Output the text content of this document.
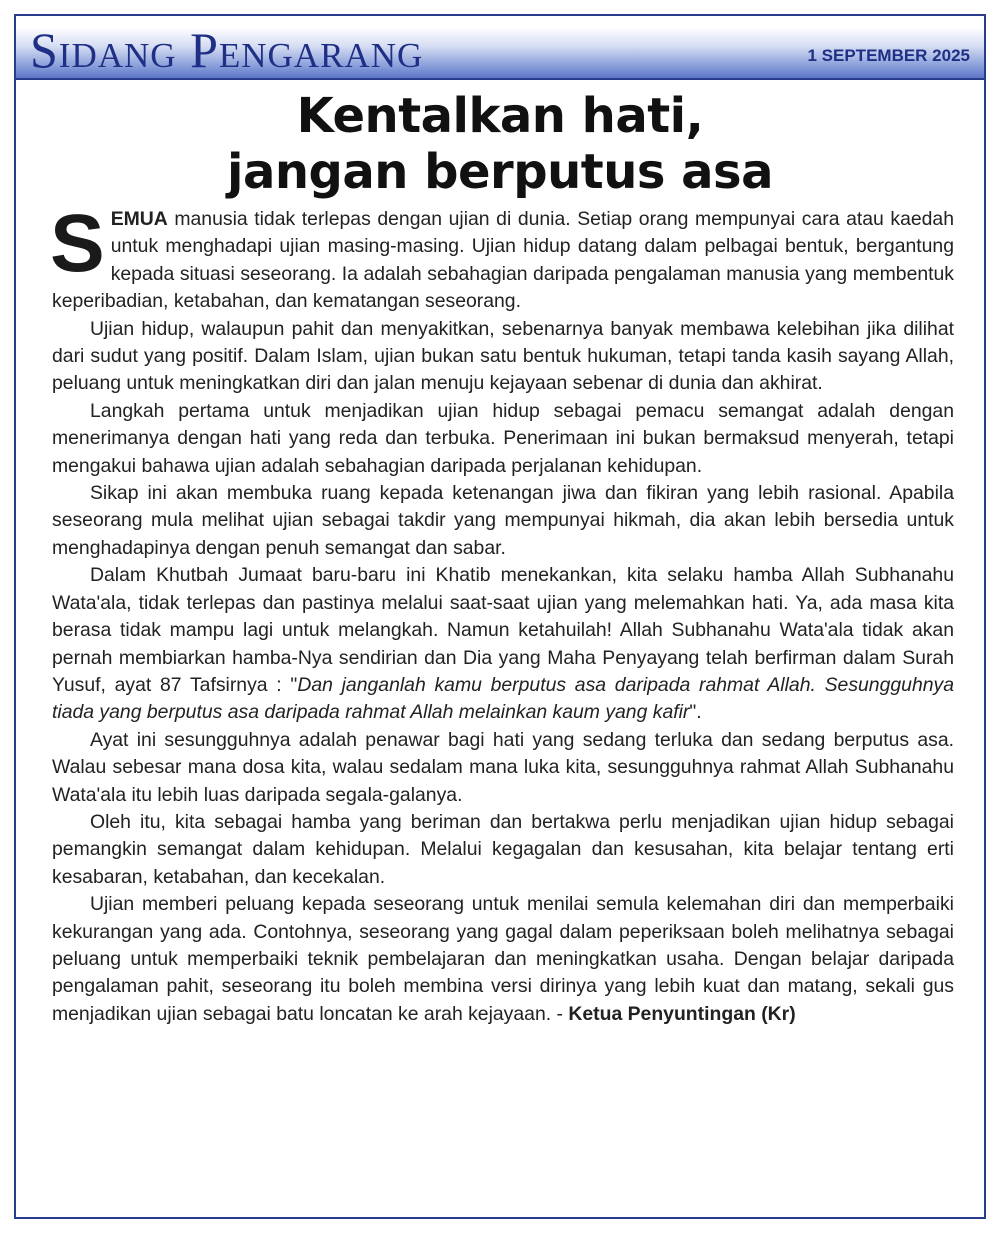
Sidang Pengarang	1 SEPTEMBER 2025
Kentalkan hati,
jangan berputus asa

SEMUA manusia tidak terlepas dengan ujian di dunia. Setiap orang mempunyai cara atau kaedah untuk menghadapi ujian masing-masing. Ujian hidup datang dalam pelbagai bentuk, bergantung kepada situasi seseorang. Ia adalah sebahagian daripada pengalaman manusia yang membentuk keperibadian, ketabahan, dan kematangan seseorang.

Ujian hidup, walaupun pahit dan menyakitkan, sebenarnya banyak membawa kelebihan jika dilihat dari sudut yang positif. Dalam Islam, ujian bukan satu bentuk hukuman, tetapi tanda kasih sayang Allah, peluang untuk meningkatkan diri dan jalan menuju kejayaan sebenar di dunia dan akhirat.

Langkah pertama untuk menjadikan ujian hidup sebagai pemacu semangat adalah dengan menerimanya dengan hati yang reda dan terbuka. Penerimaan ini bukan bermaksud menyerah, tetapi mengakui bahawa ujian adalah sebahagian daripada perjalanan kehidupan.

Sikap ini akan membuka ruang kepada ketenangan jiwa dan fikiran yang lebih rasional. Apabila seseorang mula melihat ujian sebagai takdir yang mempunyai hikmah, dia akan lebih bersedia untuk menghadapinya dengan penuh semangat dan sabar.

Dalam Khutbah Jumaat baru-baru ini Khatib menekankan, kita selaku hamba Allah Subhanahu Wata'ala, tidak terlepas dan pastinya melalui saat-saat ujian yang melemahkan hati. Ya, ada masa kita berasa tidak mampu lagi untuk melangkah. Namun ketahuilah! Allah Subhanahu Wata'ala tidak akan pernah membiarkan hamba-Nya sendirian dan Dia yang Maha Penyayang telah berfirman dalam Surah Yusuf, ayat 87 Tafsirnya : "Dan janganlah kamu berputus asa daripada rahmat Allah. Sesungguhnya tiada yang berputus asa daripada rahmat Allah melainkan kaum yang kafir".

Ayat ini sesungguhnya adalah penawar bagi hati yang sedang terluka dan sedang berputus asa. Walau sebesar mana dosa kita, walau sedalam mana luka kita, sesungguhnya rahmat Allah Subhanahu Wata'ala itu lebih luas daripada segala-galanya.

Oleh itu, kita sebagai hamba yang beriman dan bertakwa perlu menjadikan ujian hidup sebagai pemangkin semangat dalam kehidupan. Melalui kegagalan dan kesusahan, kita belajar tentang erti kesabaran, ketabahan, dan kecekalan.

Ujian memberi peluang kepada seseorang untuk menilai semula kelemahan diri dan memperbaiki kekurangan yang ada. Contohnya, seseorang yang gagal dalam peperiksaan boleh melihatnya sebagai peluang untuk memperbaiki teknik pembelajaran dan meningkatkan usaha. Dengan belajar daripada pengalaman pahit, seseorang itu boleh membina versi dirinya yang lebih kuat dan matang, sekali gus menjadikan ujian sebagai batu loncatan ke arah kejayaan. - Ketua Penyuntingan (Kr)
